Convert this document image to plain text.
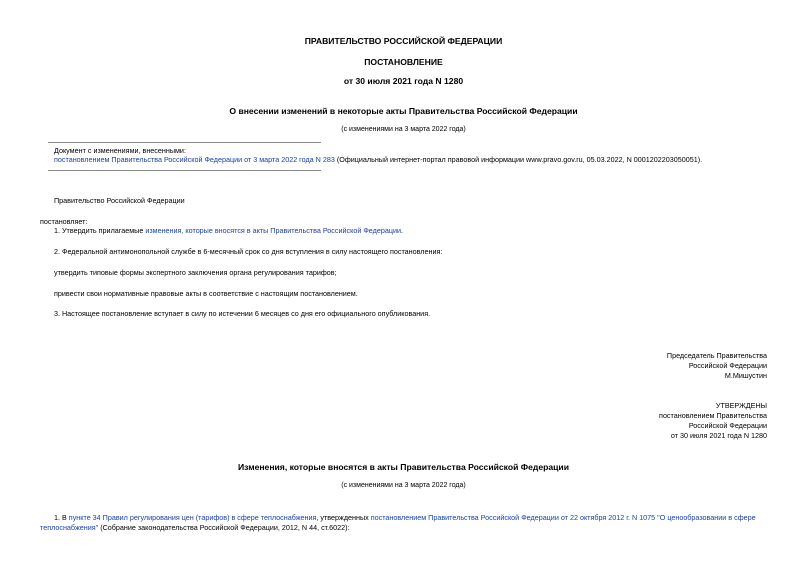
ПРАВИТЕЛЬСТВО РОССИЙСКОЙ ФЕДЕРАЦИИ
ПОСТАНОВЛЕНИЕ
от 30 июля 2021 года N 1280
О внесении изменений в некоторые акты Правительства Российской Федерации
(с изменениями на 3 марта 2022 года)
Документ с изменениями, внесенными:
постановлением Правительства Российской Федерации от 3 марта 2022 года N 283 (Официальный интернет-портал правовой информации www.pravo.gov.ru, 05.03.2022, N 0001202203050051).
Правительство Российской Федерации
постановляет:
1. Утвердить прилагаемые изменения, которые вносятся в акты Правительства Российской Федерации.
2. Федеральной антимонопольной службе в 6-месячный срок со дня вступления в силу настоящего постановления:
утвердить типовые формы экспертного заключения органа регулирования тарифов;
привести свои нормативные правовые акты в соответствие с настоящим постановлением.
3. Настоящее постановление вступает в силу по истечении 6 месяцев со дня его официального опубликования.
Председатель Правительства
Российской Федерации
М.Мишустин
УТВЕРЖДЕНЫ
постановлением Правительства
Российской Федерации
от 30 июля 2021 года N 1280
Изменения, которые вносятся в акты Правительства Российской Федерации
(с изменениями на 3 марта 2022 года)
1. В пункте 34 Правил регулирования цен (тарифов) в сфере теплоснабжения, утвержденных постановлением Правительства Российской Федерации от 22 октября 2012 г. N 1075 "О ценообразовании в сфере
теплоснабжения" (Собрание законодательства Российской Федерации, 2012, N 44, ст.6022):
